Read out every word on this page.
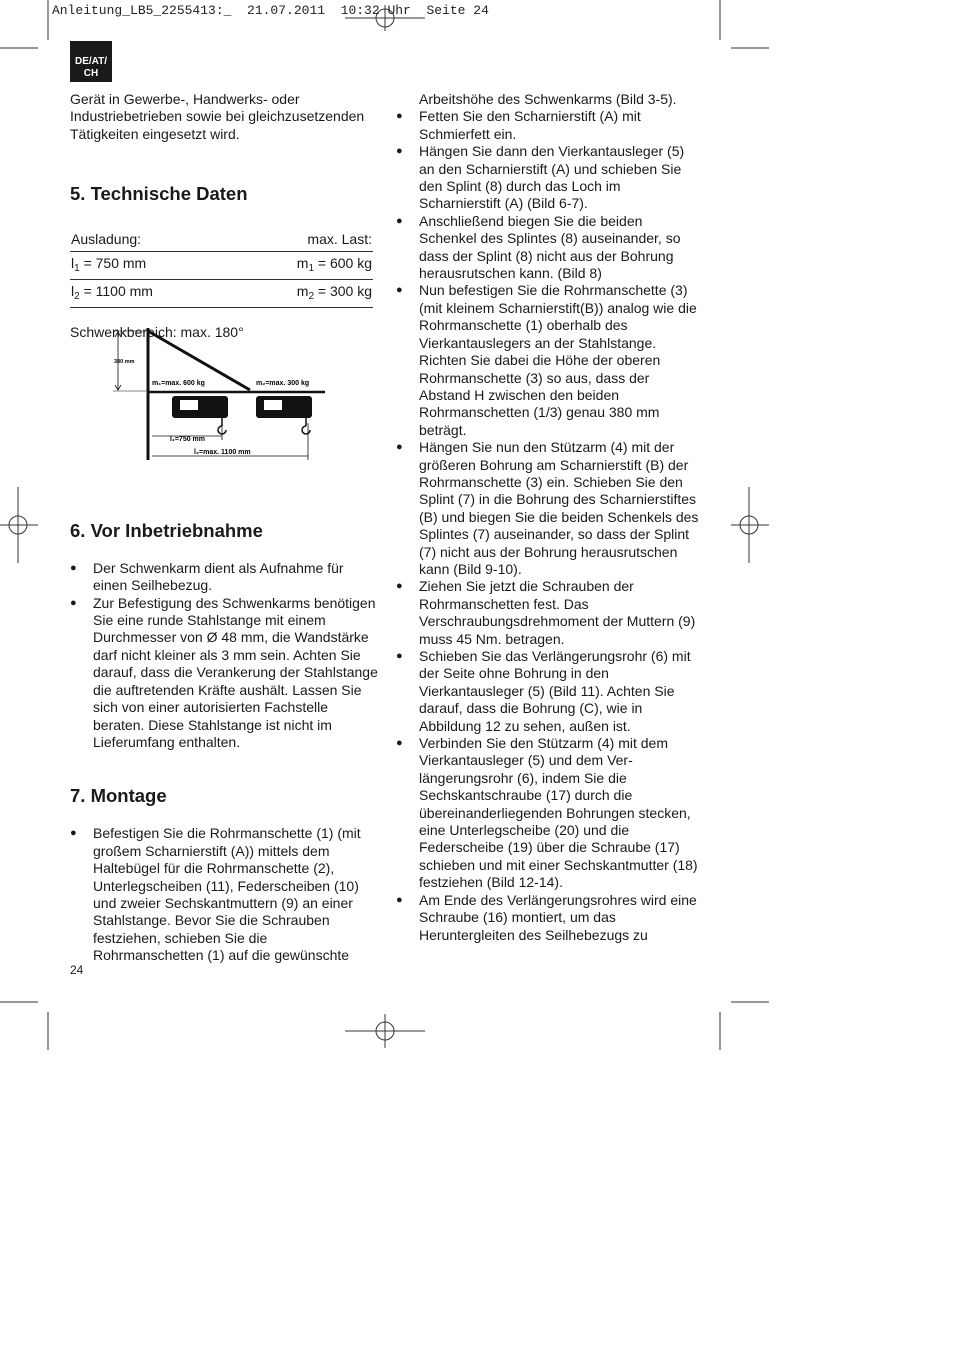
Anleitung_LB5_2255413:_  21.07.2011  10:32 Uhr  Seite 24
DE/AT/
CH

Gerät in Gewerbe-, Handwerks- oder Industriebetrieben sowie bei gleichzusetzenden Tätigkeiten eingesetzt wird.

5. Technische Daten
Ausladung:	max. Last:
$l_1 = 750$ mm	$m_1 = 600$ kg
$l_2 = 1100$ mm	$m_2 = 300$ kg

Schwenkbereich: max. 180°

6. Vor Inbetriebnahme
● Der Schwenkarm dient als Aufnahme für einen Seilhebezug.
● Zur Befestigung des Schwenkarms benötigen Sie eine runde Stahlstange mit einem Durchmesser von Ø 48 mm, die Wandstärke darf nicht kleiner als 3 mm sein. Achten Sie darauf, dass die Verankerung der Stahlstange die auftretenden Kräfte aushält. Lassen Sie sich von einer autorisierten Fachstelle beraten. Diese Stahlstange ist nicht im Lieferumfang enthalten.
7. Montage
● Befestigen Sie die Rohrmanschette (1) (mit großem Scharnierstift (A)) mittels dem Haltebügel für die Rohrmanschette (2), Unterlegscheiben (11), Federscheiben (10) und zweier Sechskantmuttern (9) an einer Stahlstange. Bevor Sie die Schrauben festziehen, schieben Sie die Rohrmanschetten (1) auf die gewünschte
380 mm
m₁=max. 600 kg	m₂=max. 300 kg
l₁=750 mm
l₂=max. 1100 mm

Arbeitshöhe des Schwenkarms (Bild 3-5).

● Fetten Sie den Scharnierstift (A) mit Schmierfett ein.
● Hängen Sie dann den Vierkantausleger (5) an den Scharnierstift (A) und schieben Sie den Splint (8) durch das Loch im Scharnierstift (A) (Bild 6-7).
● Anschließend biegen Sie die beiden Schenkel des Splintes (8) auseinander, so dass der Splint (8) nicht aus der Bohrung herausrutschen kann. (Bild 8)
● Nun befestigen Sie die Rohrmanschette (3) (mit kleinem Scharnierstift(B)) analog wie die Rohrmanschette (1) oberhalb des Vierkantauslegers an der Stahlstange. Richten Sie dabei die Höhe der oberen Rohrmanschette (3) so aus, dass der Abstand H zwischen den beiden Rohrmanschetten (1/3) genau 380 mm beträgt.
● Hängen Sie nun den Stützarm (4) mit der größeren Bohrung am Scharnierstift (B) der Rohrmanschette (3) ein. Schieben Sie den Splint (7) in die Bohrung des Scharnierstiftes (B) und biegen Sie die beiden Schenkels des Splintes (7) auseinander, so dass der Splint (7) nicht aus der Bohrung herausrutschen kann (Bild 9-10).
● Ziehen Sie jetzt die Schrauben der Rohrmanschetten fest. Das Verschraubungsdrehmoment der Muttern (9) muss 45 Nm. betragen.
● Schieben Sie das Verlängerungsrohr (6) mit der Seite ohne Bohrung in den Vierkantausleger (5) (Bild 11). Achten Sie darauf, dass die Bohrung (C), wie in Abbildung 12 zu sehen, außen ist.
● Verbinden Sie den Stützarm (4) mit dem Vierkantausleger (5) und dem Ver-längerungsrohr (6), indem Sie die Sechskantschraube (17) durch die übereinanderliegenden Bohrungen stecken, eine Unterlegscheibe (20) und die Federscheibe (19) über die Schraube (17) schieben und mit einer Sechskantmutter (18) festziehen (Bild 12-14).
● Am Ende des Verlängerungsrohres wird eine Schraube (16) montiert, um das Heruntergleiten des Seilhebezugs zu
24
